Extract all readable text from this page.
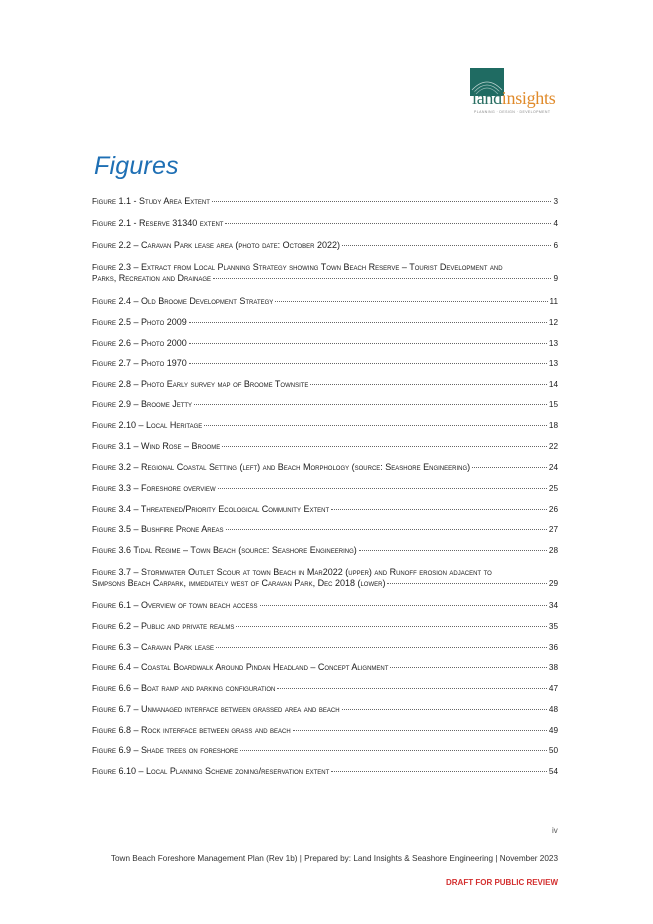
landinsights
PLANNING · DESIGN · DEVELOPMENT
Figures
Figure 1.1 - Study Area Extent	3
Figure 2.1 - Reserve 31340 extent	4
Figure 2.2 – Caravan Park lease area (photo date: October 2022)	6
Figure 2.3 – Extract from Local Planning Strategy showing Town Beach Reserve – Tourist Development and
Parks, Recreation and Drainage	9
Figure 2.4 – Old Broome Development Strategy	11
Figure 2.5 – Photo 2009	12
Figure 2.6 – Photo 2000	13
Figure 2.7 – Photo 1970	13
Figure 2.8 – Photo Early survey map of Broome Townsite	14
Figure 2.9 – Broome Jetty	15
Figure 2.10 – Local Heritage	18
Figure 3.1 – Wind Rose – Broome	22
Figure 3.2 – Regional Coastal Setting (left) and Beach Morphology (source: Seashore Engineering)	24
Figure 3.3 – Foreshore overview	25
Figure 3.4 – Threatened/Priority Ecological Community Extent	26
Figure 3.5 – Bushfire Prone Areas	27
Figure 3.6 Tidal Regime – Town Beach (source: Seashore Engineering)	28
Figure 3.7 – Stormwater Outlet Scour at town Beach in Mar2022 (upper) and Runoff erosion adjacent to
Simpsons Beach Carpark, immediately west of Caravan Park, Dec 2018 (lower)	29
Figure 6.1 – Overview of town beach access	34
Figure 6.2 – Public and private realms	35
Figure 6.3 – Caravan Park lease	36
Figure 6.4 – Coastal Boardwalk Around Pindan Headland – Concept Alignment	38
Figure 6.6 – Boat ramp and parking configuration	47
Figure 6.7 – Unmanaged interface between grassed area and beach	48
Figure 6.8 – Rock interface between grass and beach	49
Figure 6.9 – Shade trees on foreshore	50
Figure 6.10 – Local Planning Scheme zoning/reservation extent	54
iv
Town Beach Foreshore Management Plan (Rev 1b) | Prepared by: Land Insights & Seashore Engineering | November 2023
DRAFT FOR PUBLIC REVIEW
